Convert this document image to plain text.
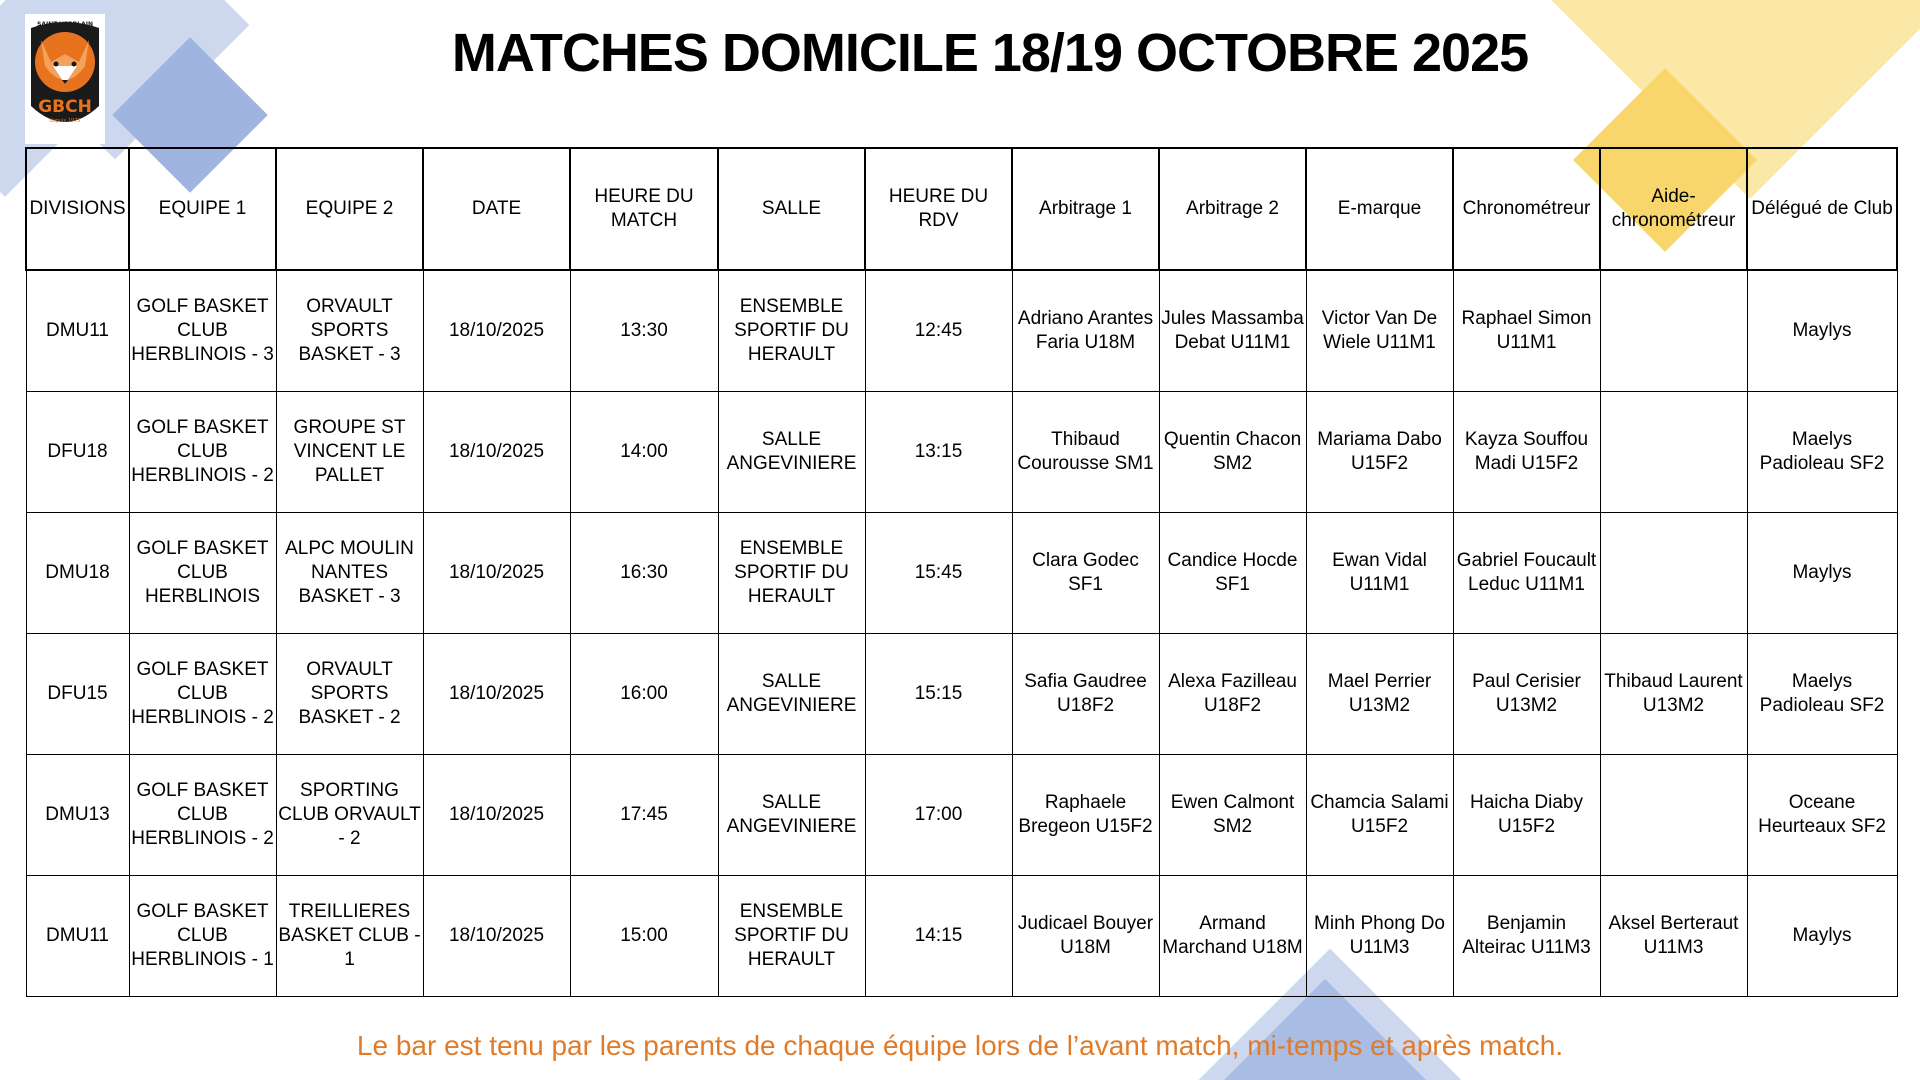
SAINT-HERBLAIN
GBCH
depuis 1975
MATCHES DOMICILE 18/19 OCTOBRE 2025
DIVISIONS	EQUIPE 1	EQUIPE 2	DATE	HEURE DU MATCH	SALLE	HEURE DU RDV	Arbitrage 1	Arbitrage 2	E-marque	Chronométreur	Aide-chronométreur	Délégué de Club
DMU11	GOLF BASKET CLUB HERBLINOIS - 3	ORVAULT SPORTS BASKET - 3	18/10/2025	13:30	ENSEMBLE SPORTIF DU HERAULT	12:45	Adriano Arantes Faria U18M	Jules Massamba Debat U11M1	Victor Van De Wiele U11M1	Raphael Simon U11M1		Maylys
DFU18	GOLF BASKET CLUB HERBLINOIS - 2	GROUPE ST VINCENT LE PALLET	18/10/2025	14:00	SALLE ANGEVINIERE	13:15	Thibaud Courousse SM1	Quentin Chacon SM2	Mariama Dabo U15F2	Kayza Souffou Madi U15F2		Maelys Padioleau SF2
DMU18	GOLF BASKET CLUB HERBLINOIS	ALPC MOULIN NANTES BASKET - 3	18/10/2025	16:30	ENSEMBLE SPORTIF DU HERAULT	15:45	Clara Godec SF1	Candice Hocde SF1	Ewan Vidal U11M1	Gabriel Foucault Leduc U11M1		Maylys
DFU15	GOLF BASKET CLUB HERBLINOIS - 2	ORVAULT SPORTS BASKET - 2	18/10/2025	16:00	SALLE ANGEVINIERE	15:15	Safia Gaudree U18F2	Alexa Fazilleau U18F2	Mael Perrier U13M2	Paul Cerisier U13M2	Thibaud Laurent U13M2	Maelys Padioleau SF2
DMU13	GOLF BASKET CLUB HERBLINOIS - 2	SPORTING CLUB ORVAULT - 2	18/10/2025	17:45	SALLE ANGEVINIERE	17:00	Raphaele Bregeon U15F2	Ewen Calmont SM2	Chamcia Salami U15F2	Haicha Diaby U15F2		Oceane Heurteaux SF2
DMU11	GOLF BASKET CLUB HERBLINOIS - 1	TREILLIERES BASKET CLUB - 1	18/10/2025	15:00	ENSEMBLE SPORTIF DU HERAULT	14:15	Judicael Bouyer U18M	Armand Marchand U18M	Minh Phong Do U11M3	Benjamin Alteirac U11M3	Aksel Berteraut U11M3	Maylys
Le bar est tenu par les parents de chaque équipe lors de l’avant match, mi-temps et après match.
